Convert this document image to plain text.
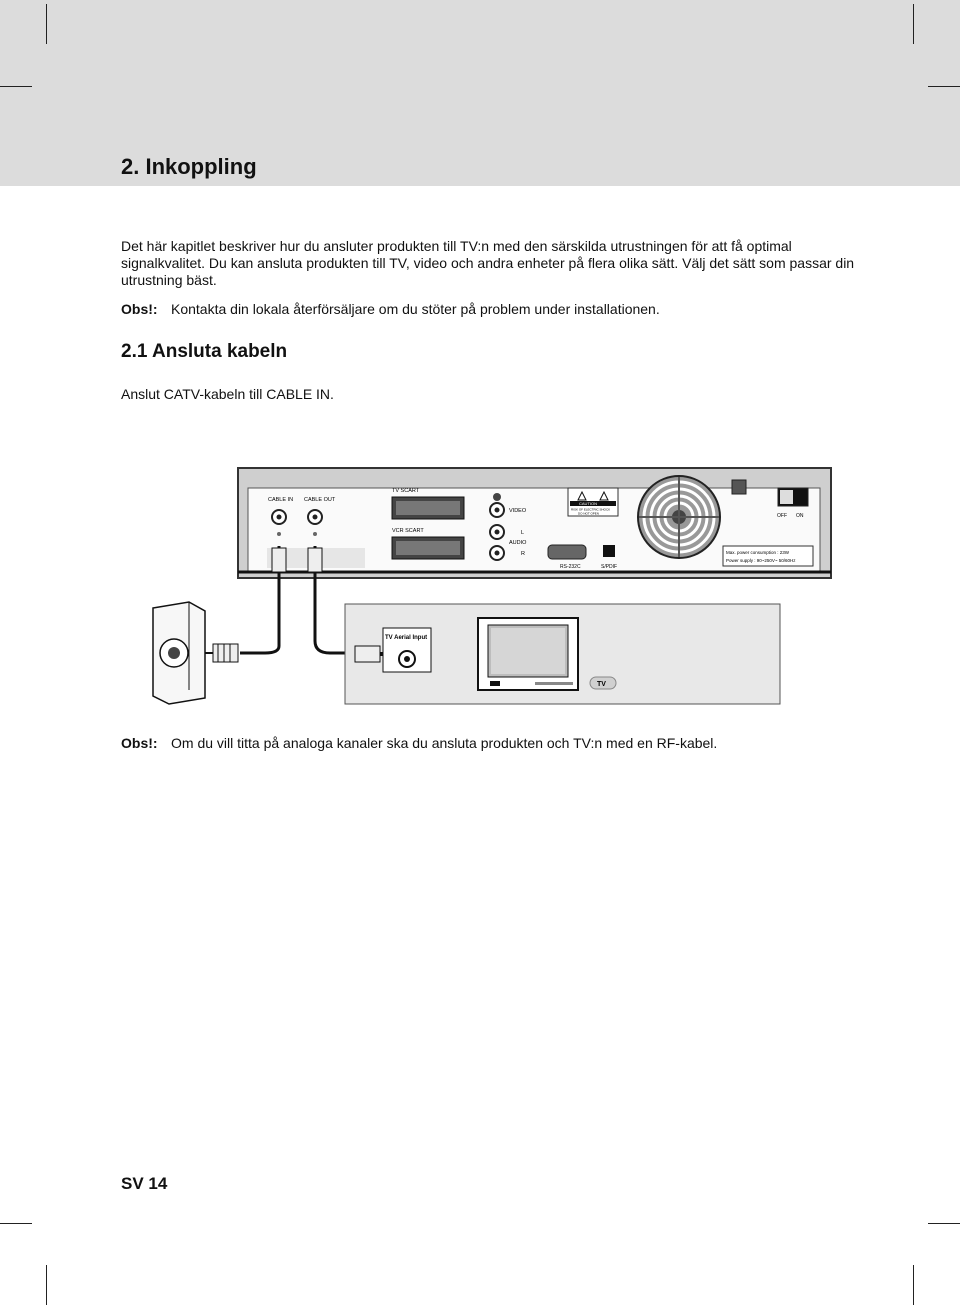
2. Inkoppling

Det här kapitlet beskriver hur du ansluter produkten till TV:n med den särskilda utrustningen för att få optimal signalkvalitet. Du kan ansluta produkten till TV, video och andra enheter på flera olika sätt. Välj det sätt som passar din utrustning bäst.

Obs!: Kontakta din lokala återförsäljare om du stöter på problem under installationen.

2.1 Ansluta kabeln

Anslut CATV-kabeln till CABLE IN.

CABLE IN CABLE OUT
TV SCART
VCR SCART
VIDEO
L
AUDIO
R
RS-232C	S/PDIF
CAUTION
RISK OF ELECTRIC SHOCK
DO NOT OPEN	OFF ON
Max. power consumption : 23W
Power supply : 90~250V~ 50/60Hz
TV Aerial Input
TV

Obs!: Om du vill titta på analoga kanaler ska du ansluta produkten och TV:n med en RF-kabel.

SV 14
